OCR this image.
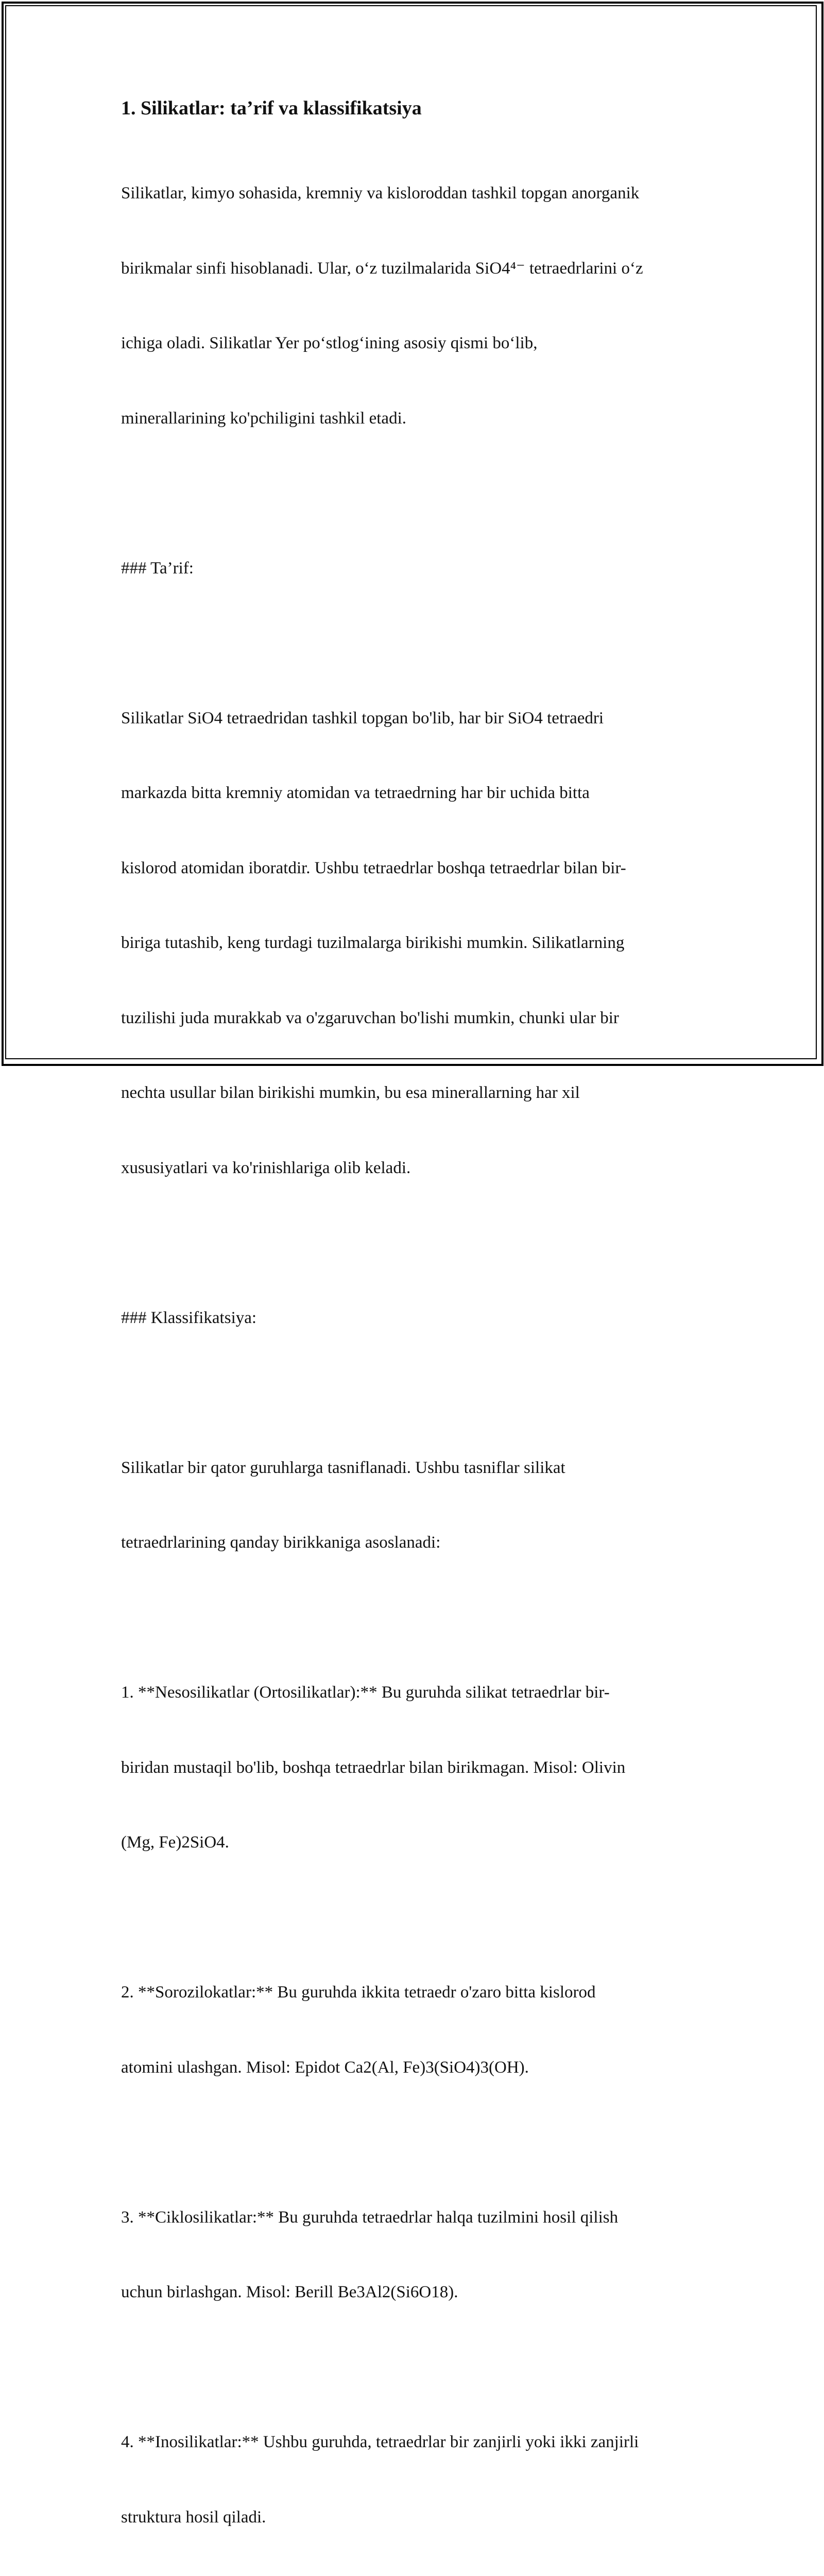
1. Silikatlar: ta’rif va klassifikatsiya

Silikatlar, kimyo sohasida, kremniy va kisloroddan tashkil topgan anorganik

birikmalar sinfi hisoblanadi. Ular, o‘z tuzilmalarida SiO4⁴⁻ tetraedrlarini o‘z

ichiga oladi. Silikatlar Yer po‘stlog‘ining asosiy qismi bo‘lib,

minerallarining ko'pchiligini tashkil etadi.

### Ta’rif:

Silikatlar SiO4 tetraedridan tashkil topgan bo'lib, har bir SiO4 tetraedri

markazda bitta kremniy atomidan va tetraedrning har bir uchida bitta

kislorod atomidan iboratdir. Ushbu tetraedrlar boshqa tetraedrlar bilan bir-

biriga tutashib, keng turdagi tuzilmalarga birikishi mumkin. Silikatlarning

tuzilishi juda murakkab va o'zgaruvchan bo'lishi mumkin, chunki ular bir

nechta usullar bilan birikishi mumkin, bu esa minerallarning har xil

xususiyatlari va ko'rinishlariga olib keladi.

### Klassifikatsiya:

Silikatlar bir qator guruhlarga tasniflanadi. Ushbu tasniflar silikat

tetraedrlarining qanday birikkaniga asoslanadi:

1. **Nesosilikatlar (Ortosilikatlar):** Bu guruhda silikat tetraedrlar bir-

biridan mustaqil bo'lib, boshqa tetraedrlar bilan birikmagan. Misol: Olivin

(Mg, Fe)2SiO4.

2. **Sorozilokatlar:** Bu guruhda ikkita tetraedr o'zaro bitta kislorod

atomini ulashgan. Misol: Epidot Ca2(Al, Fe)3(SiO4)3(OH).

3. **Ciklosilikatlar:** Bu guruhda tetraedrlar halqa tuzilmini hosil qilish

uchun birlashgan. Misol: Berill Be3Al2(Si6O18).

4. **Inosilikatlar:** Ushbu guruhda, tetraedrlar bir zanjirli yoki ikki zanjirli

struktura hosil qiladi.
